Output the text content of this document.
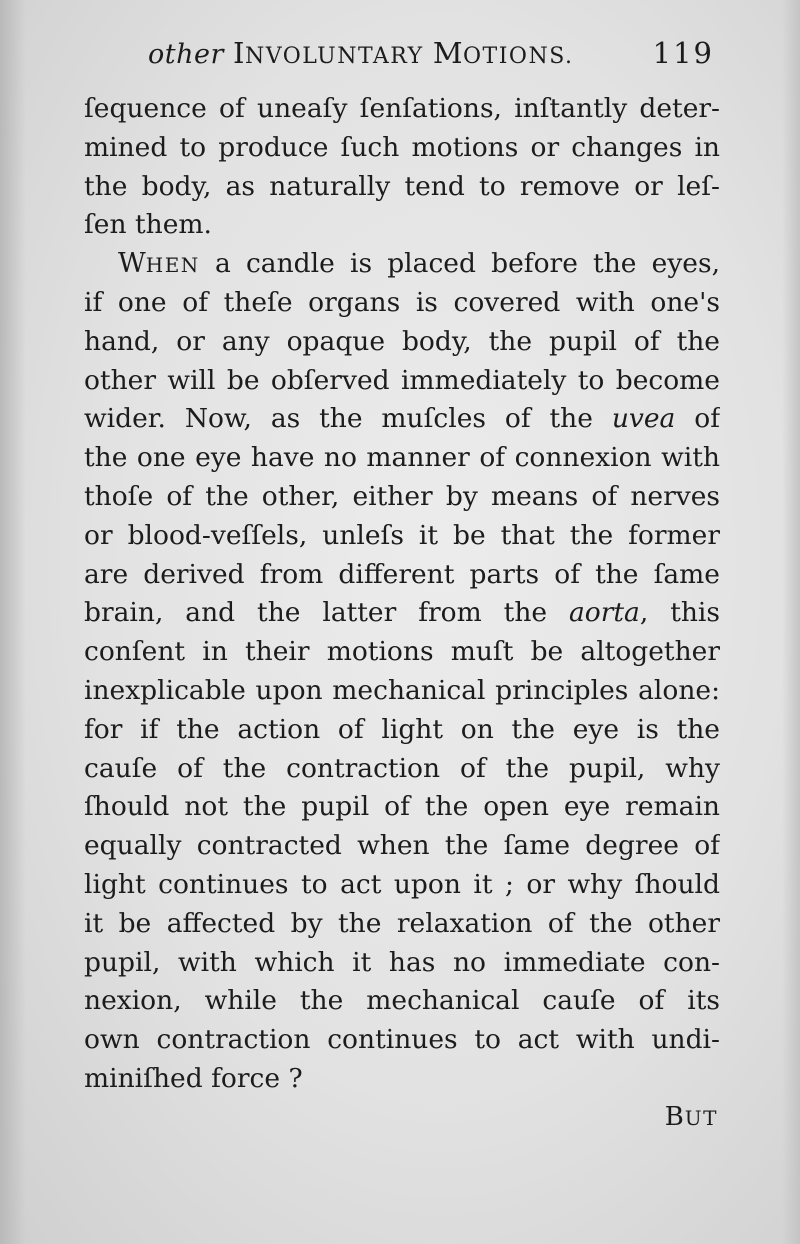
other INVOLUNTARY MOTIONS.	119
ſequence of uneaſy ſenſations, inſtantly deter-
mined to produce ſuch motions or changes in
the body, as naturally tend to remove or leſ-
ſen them.
WHEN a candle is placed before the eyes,
if one of theſe organs is covered with one's
hand, or any opaque body, the pupil of the
other will be obſerved immediately to become
wider. Now, as the muſcles of the uvea of
the one eye have no manner of connexion with
thoſe of the other, either by means of nerves
or blood-veſſels, unleſs it be that the former
are derived from different parts of the ſame
brain, and the latter from the aorta, this
conſent in their motions muſt be altogether
inexplicable upon mechanical principles alone:
for if the action of light on the eye is the
cauſe of the contraction of the pupil, why
ſhould not the pupil of the open eye remain
equally contracted when the ſame degree of
light continues to act upon it ; or why ſhould
it be affected by the relaxation of the other
pupil, with which it has no immediate con-
nexion, while the mechanical cauſe of its
own contraction continues to act with undi-
miniſhed force ?
BUT
